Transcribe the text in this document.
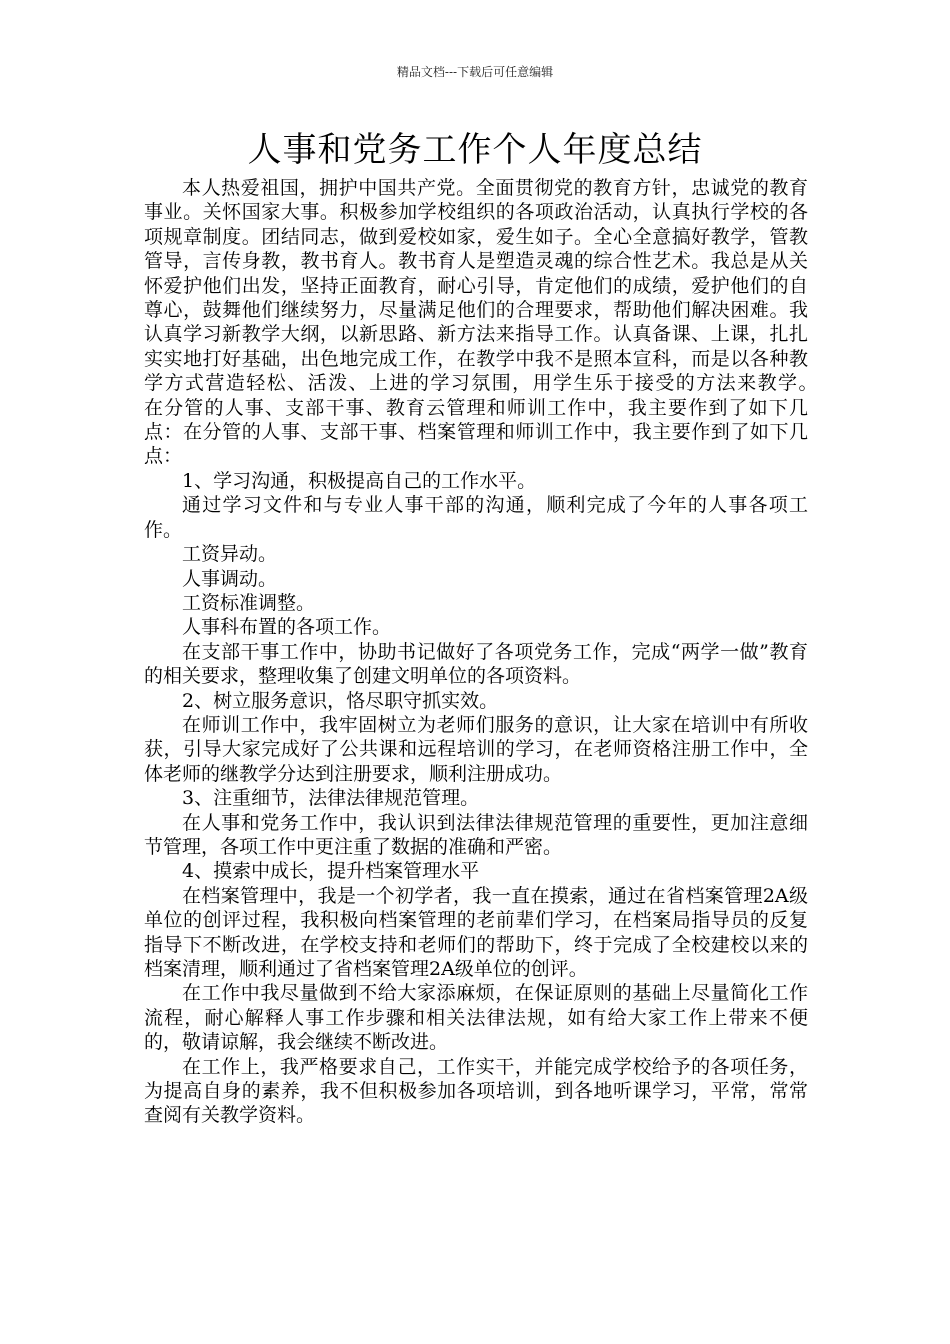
精品文档---下载后可任意编辑
人事和党务工作个人年度总结

本人热爱祖国，拥护中国共产党。全面贯彻党的教育方针，忠诚党的教育事业。关怀国家大事。积极参加学校组织的各项政治活动，认真执行学校的各项规章制度。团结同志，做到爱校如家，爱生如子。全心全意搞好教学，管教管导，言传身教，教书育人。教书育人是塑造灵魂的综合性艺术。我总是从关怀爱护他们出发，坚持正面教育，耐心引导，肯定他们的成绩，爱护他们的自尊心，鼓舞他们继续努力，尽量满足他们的合理要求，帮助他们解决困难。我认真学习新教学大纲，以新思路、新方法来指导工作。认真备课、上课，扎扎实实地打好基础，出色地完成工作，在教学中我不是照本宣科，而是以各种教学方式营造轻松、活泼、上进的学习氛围，用学生乐于接受的方法来教学。　　在分管的人事、支部干事、教育云管理和师训工作中，我主要作到了如下几点：在分管的人事、支部干事、档案管理和师训工作中，我主要作到了如下几点：

1、学习沟通，积极提高自己的工作水平。

通过学习文件和与专业人事干部的沟通，顺利完成了今年的人事各项工作。

工资异动。

人事调动。

工资标准调整。

人事科布置的各项工作。

在支部干事工作中，协助书记做好了各项党务工作，完成“两学一做”教育的相关要求，整理收集了创建文明单位的各项资料。

2、树立服务意识，恪尽职守抓实效。

在师训工作中，我牢固树立为老师们服务的意识，让大家在培训中有所收获，引导大家完成好了公共课和远程培训的学习，在老师资格注册工作中，全体老师的继教学分达到注册要求，顺利注册成功。

3、注重细节，法律法律规范管理。

在人事和党务工作中，我认识到法律法律规范管理的重要性，更加注意细节管理，各项工作中更注重了数据的准确和严密。

4、摸索中成长，提升档案管理水平

在档案管理中，我是一个初学者，我一直在摸索，通过在省档案管理2A级单位的创评过程，我积极向档案管理的老前辈们学习，在档案局指导员的反复指导下不断改进，在学校支持和老师们的帮助下，终于完成了全校建校以来的档案清理，顺利通过了省档案管理2A级单位的创评。

在工作中我尽量做到不给大家添麻烦，在保证原则的基础上尽量简化工作流程，耐心解释人事工作步骤和相关法律法规，如有给大家工作上带来不便的，敬请谅解，我会继续不断改进。

在工作上，我严格要求自己，工作实干，并能完成学校给予的各项任务，为提高自身的素养，我不但积极参加各项培训，到各地听课学习，平常，常常查阅有关教学资料。
